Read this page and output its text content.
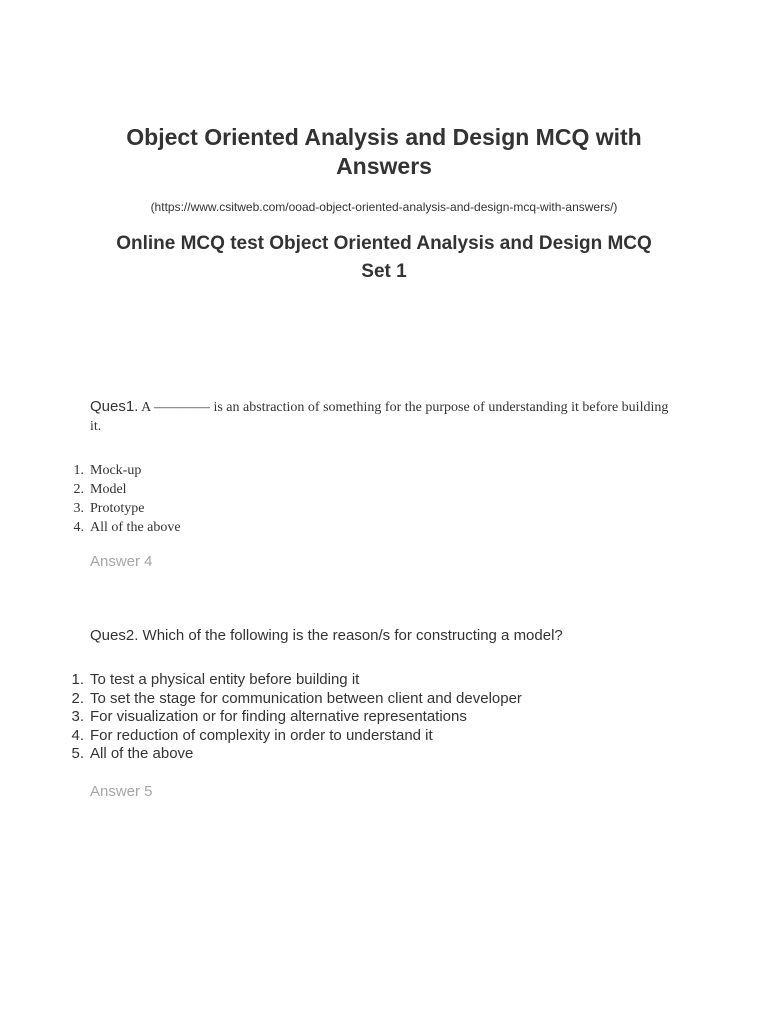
Object Oriented Analysis and Design MCQ with Answers

(https://www.csitweb.com/ooad-object-oriented-analysis-and-design-mcq-with-answers/)

Online MCQ test Object Oriented Analysis and Design MCQ Set 1

Ques1. A ———— is an abstraction of something for the purpose of understanding it before building it.

1. Mock-up
2. Model
3. Prototype
4. All of the above

Answer 4

Ques2. Which of the following is the reason/s for constructing a model?

1. To test a physical entity before building it
2. To set the stage for communication between client and developer
3. For visualization or for finding alternative representations
4. For reduction of complexity in order to understand it
5. All of the above

Answer 5
